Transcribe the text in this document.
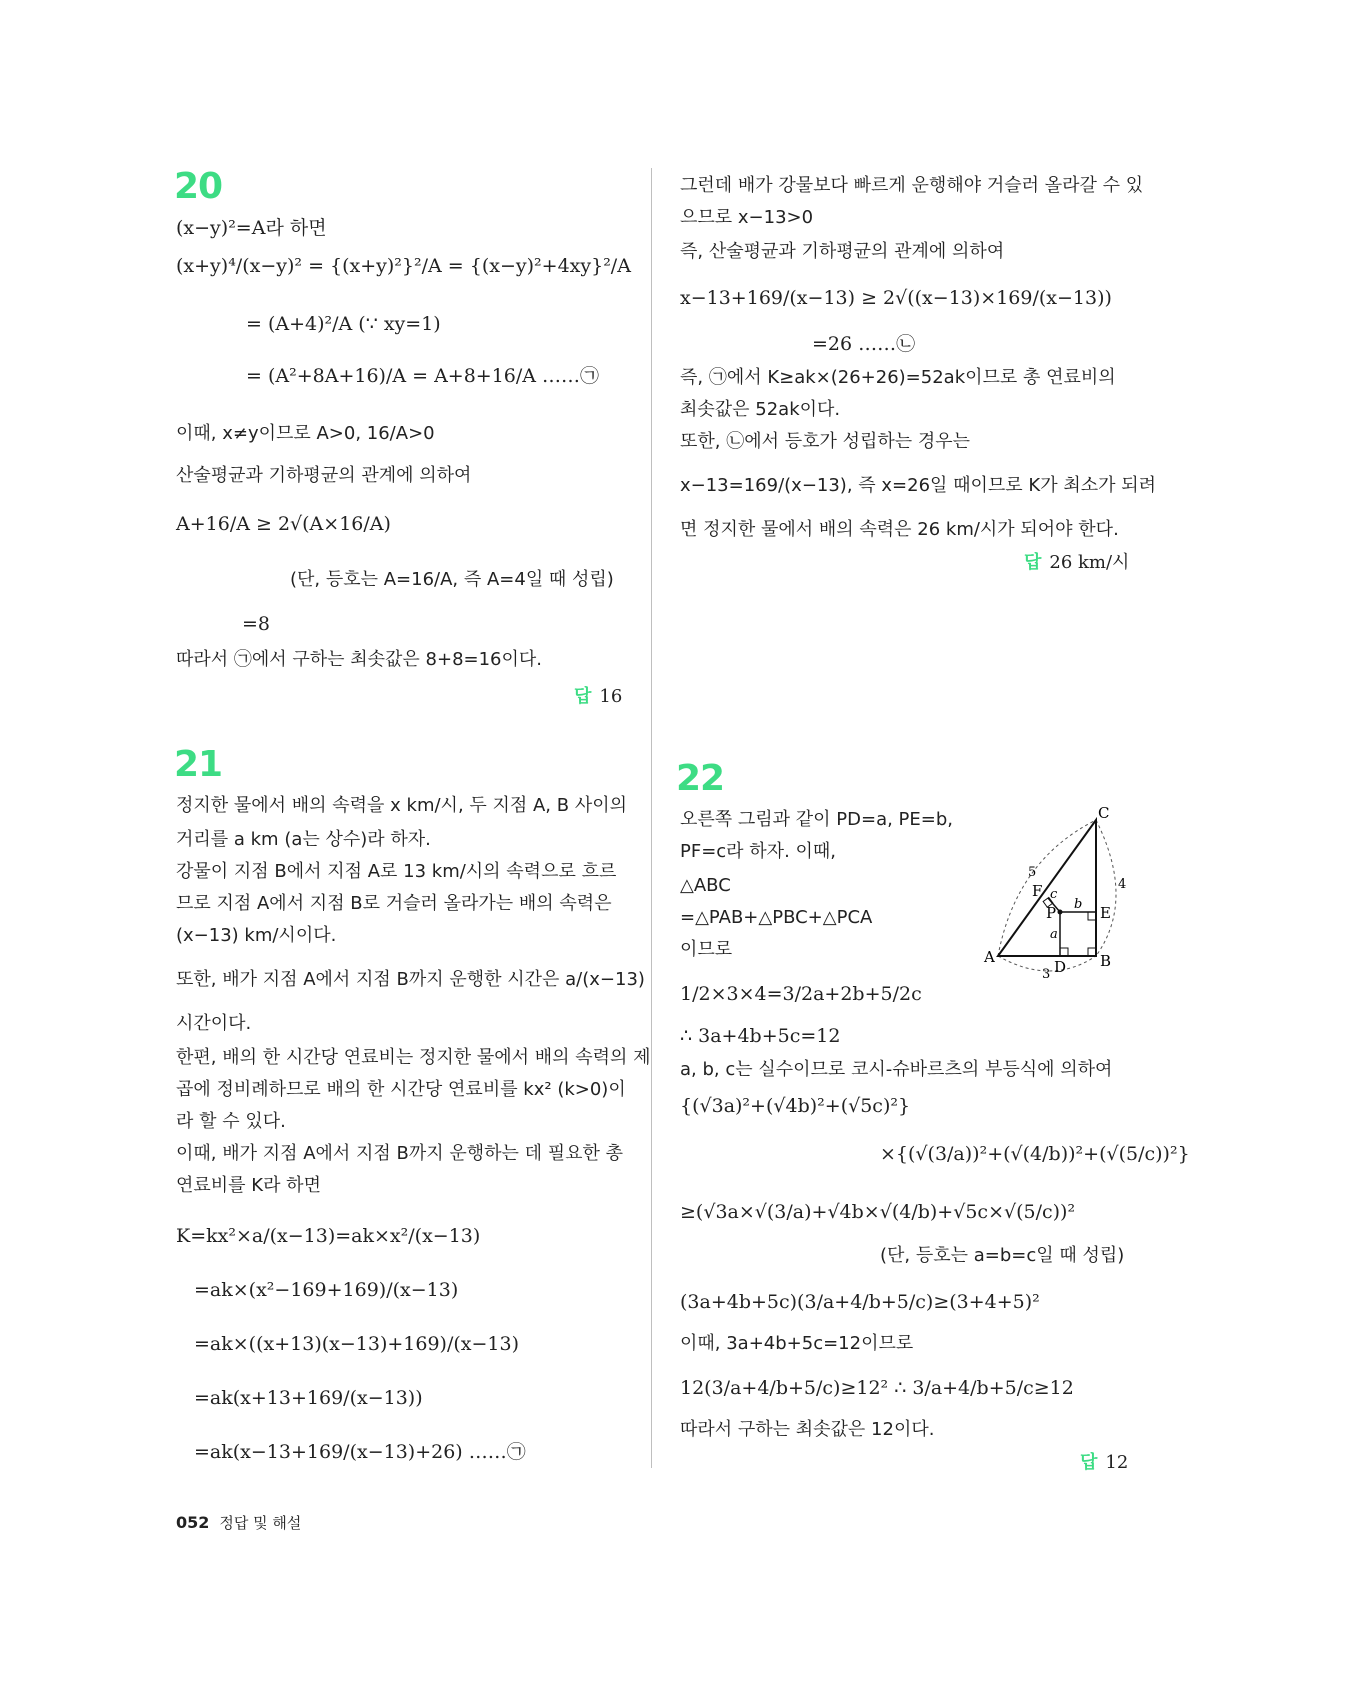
20
(x−y)²=A라 하면
(x+y)⁴/(x−y)² = {(x+y)²}²/A = {(x−y)²+4xy}²/A
= (A+4)²/A (∵ xy=1)
= (A²+8A+16)/A = A+8+16/A ……㉠
이때, x≠y이므로 A>0, 16/A>0
산술평균과 기하평균의 관계에 의하여
A+16/A ≥ 2√(A×16/A)
(단, 등호는 A=16/A, 즉 A=4일 때 성립)
=8
따라서 ㉠에서 구하는 최솟값은 8+8=16이다.
답 16
그런데 배가 강물보다 빠르게 운행해야 거슬러 올라갈 수 있
으므로 x−13>0
즉, 산술평균과 기하평균의 관계에 의하여
x−13+169/(x−13) ≥ 2√((x−13)×169/(x−13))
=26 ……㉡
즉, ㉠에서 K≥ak×(26+26)=52ak이므로 총 연료비의
최솟값은 52ak이다.
또한, ㉡에서 등호가 성립하는 경우는
x−13=169/(x−13), 즉 x=26일 때이므로 K가 최소가 되려
면 정지한 물에서 배의 속력은 26 km/시가 되어야 한다.
답 26 km/시
21
정지한 물에서 배의 속력을 x km/시, 두 지점 A, B 사이의
거리를 a km (a는 상수)라 하자.
강물이 지점 B에서 지점 A로 13 km/시의 속력으로 흐르
므로 지점 A에서 지점 B로 거슬러 올라가는 배의 속력은
(x−13) km/시이다.
또한, 배가 지점 A에서 지점 B까지 운행한 시간은 a/(x−13)
시간이다.
한편, 배의 한 시간당 연료비는 정지한 물에서 배의 속력의 제
곱에 정비례하므로 배의 한 시간당 연료비를 kx² (k>0)이
라 할 수 있다.
이때, 배가 지점 A에서 지점 B까지 운행하는 데 필요한 총
연료비를 K라 하면
K=kx²×a/(x−13)=ak×x²/(x−13)
=ak×(x²−169+169)/(x−13)
=ak×((x+13)(x−13)+169)/(x−13)
=ak(x+13+169/(x−13))
=ak(x−13+169/(x−13)+26) ……㉠
22
오른쪽 그림과 같이 PD=a, PE=b,
PF=c라 하자. 이때,
△ABC
=△PAB+△PBC+△PCA
이므로
1/2×3×4=3/2a+2b+5/2c
∴ 3a+4b+5c=12
a, b, c는 실수이므로 코시-슈바르츠의 부등식에 의하여
{(√3a)²+(√4b)²+(√5c)²}
×{(√(3/a))²+(√(4/b))²+(√(5/c))²}
≥(√3a×√(3/a)+√4b×√(4/b)+√5c×√(5/c))²
(단, 등호는 a=b=c일 때 성립)
(3a+4b+5c)(3/a+4/b+5/c)≥(3+4+5)²
이때, 3a+4b+5c=12이므로
12(3/a+4/b+5/c)≥12² ∴ 3/a+4/b+5/c≥12
따라서 구하는 최솟값은 12이다.
답 12
A	B
C
D
E
F
P
a
b
c
3
4
5
052 정답 및 해설
